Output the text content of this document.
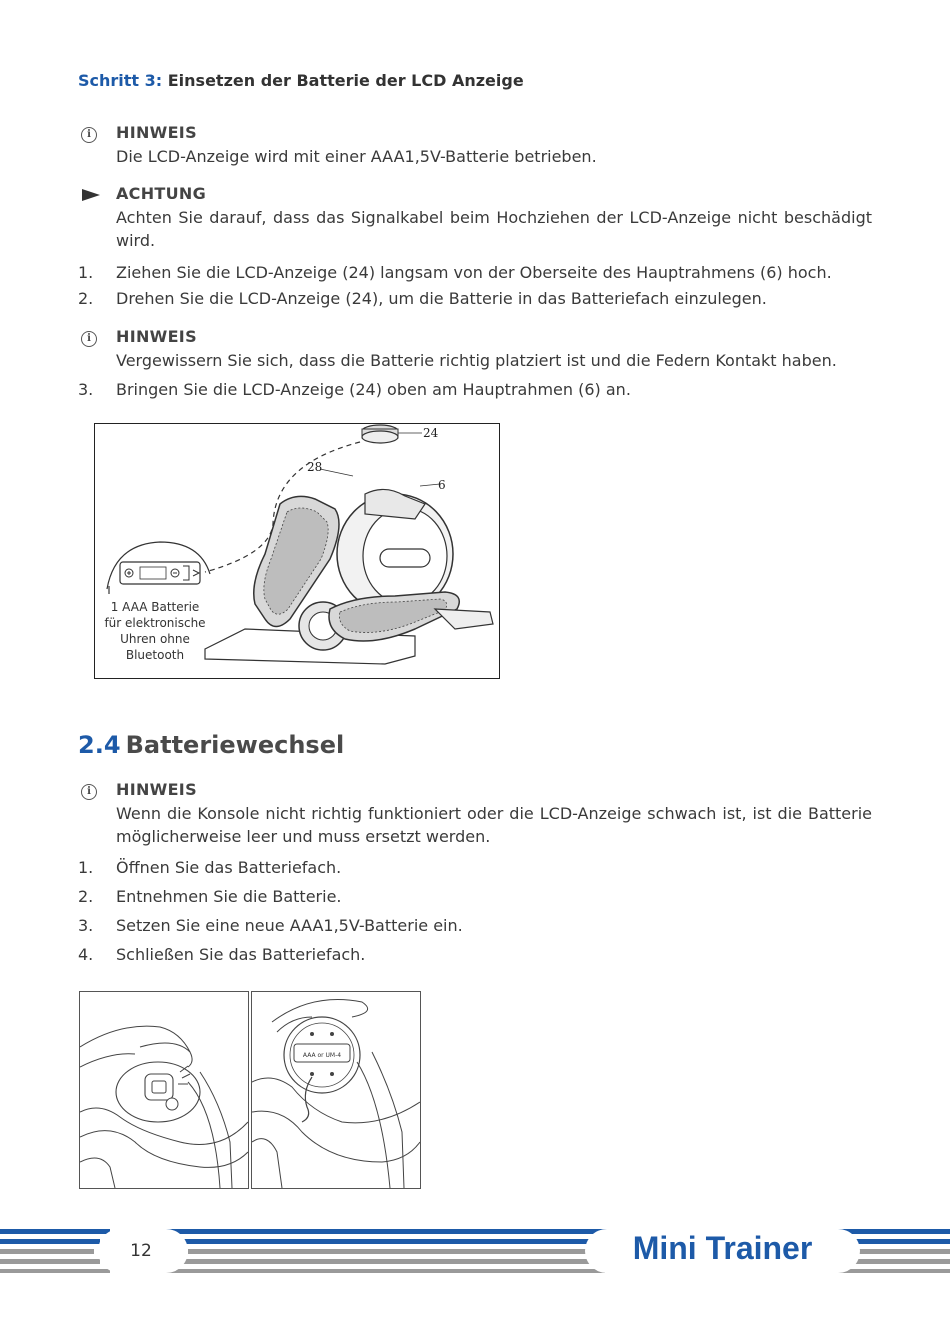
Schritt 3: Einsetzen der Batterie der LCD Anzeige
i	HINWEIS
Die LCD-Anzeige wird mit einer AAA1,5V-Batterie betrieben.
ACHTUNG
Achten Sie darauf, dass das Signalkabel beim Hochziehen der LCD-Anzeige nicht beschädigt wird.
1. Ziehen Sie die LCD-Anzeige (24) langsam von der Oberseite des Hauptrahmens (6) hoch.
2. Drehen Sie die LCD-Anzeige (24), um die Batterie in das Batteriefach einzulegen.
i	HINWEIS
Vergewissern Sie sich, dass die Batterie richtig platziert ist und die Federn Kontakt haben.
3. Bringen Sie die LCD-Anzeige (24) oben am Hauptrahmen (6) an.
24
28
6
1 AAA Batterie
für elektronische
Uhren ohne
Bluetooth
2.4 Batteriewechsel
i	HINWEIS
Wenn die Konsole nicht richtig funktioniert oder die LCD-Anzeige schwach ist, ist die Batterie möglicherweise leer und muss ersetzt werden.
1. Öffnen Sie das Batteriefach.
2. Entnehmen Sie die Batterie.
3. Setzen Sie eine neue AAA1,5V-Batterie ein.
4. Schließen Sie das Batteriefach.
AAA or UM-4
12	Mini Trainer
